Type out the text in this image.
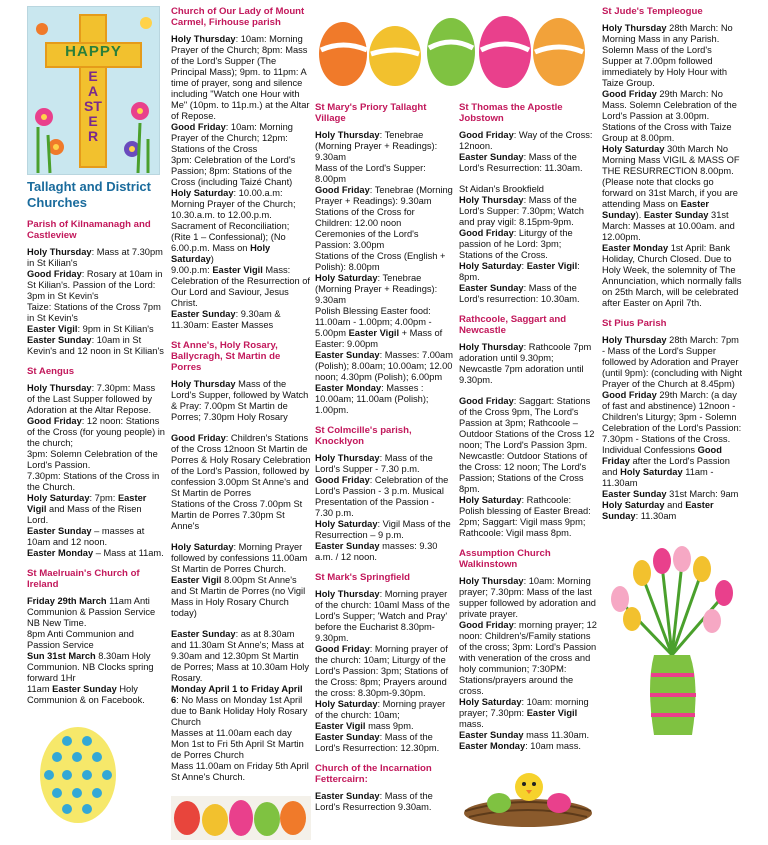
HAPPY
EASTER
Tallaght and District Churches
Parish of Kilnamanagh and Castleview
Holy Thursday: Mass at 7.30pm in St Kilian's
Good Friday: Rosary at 10am in St Kilian's. Passion of the Lord: 3pm in St Kevin's
Taize: Stations of the Cross 7pm in St Kevin's
Easter Vigil: 9pm in St Kilian's
Easter Sunday: 10am in St Kevin's and 12 noon in St Kilian's
St Aengus
Holy Thursday: 7.30pm: Mass of the Last Supper followed by Adoration at the Altar Repose.
Good Friday: 12 noon: Stations of the Cross (for young people) in the church;
3pm: Solemn Celebration of the Lord's Passion.
7.30pm: Stations of the Cross in the Church.
Holy Saturday: 7pm: Easter Vigil and Mass of the Risen Lord.
Easter Sunday – masses at 10am and 12 noon.
Easter Monday – Mass at 11am.
St Maelruain's Church of Ireland
Friday 29th March 11am Anti Communion & Passion Service NB New Time.
8pm Anti Communion and Passion Service
Sun 31st March 8.30am Holy Communion. NB Clocks spring forward 1Hr
11am Easter Sunday Holy Communion & on Facebook.
Church of Our Lady of Mount Carmel, Firhouse parish
Holy Thursday: 10am: Morning Prayer of the Church; 8pm: Mass of the Lord's Supper (The Principal Mass); 9pm. to 11pm: A time of prayer, song and silence including "Watch one Hour with Me" (10pm. to 11p.m.) at the Altar of Repose.
Good Friday: 10am: Morning Prayer of the Church; 12pm: Stations of the Cross
3pm: Celebration of the Lord's Passion; 8pm: Stations of the Cross (including Taizé Chant)
Holy Saturday: 10.00.a.m: Morning Prayer of the Church; 10.30.a.m. to 12.00.p.m. Sacrament of Reconciliation; (Rite 1 – Confessional); (No 6.00.p.m. Mass on Holy Saturday)
9.00.p.m: Easter Vigil Mass: Celebration of the Resurrection of Our Lord and Saviour, Jesus Christ.
Easter Sunday: 9.30am & 11.30am: Easter Masses
St Anne's, Holy Rosary, Ballycragh, St Martin de Porres
Holy Thursday Mass of the Lord's Supper, followed by Watch & Pray: 7.00pm St Martin de Porres; 7.30pm Holy Rosary
Good Friday: Children's Stations of the Cross 12noon St Martin de Porres & Holy Rosary Celebration of the Lord's Passion, followed by confession 3.00pm St Anne's and St Martin de Porres
Stations of the Cross 7.00pm St Martin de Porres 7.30pm St Anne's
Holy Saturday: Morning Prayer followed by confessions 11.00am St Martin de Porres Church. Easter Vigil 8.00pm St Anne's and St Martin de Porres (no Vigil Mass in Holy Rosary Church today)
Easter Sunday: as at 8.30am and 11.30am St Anne's; Mass at 9.30am and 12.30pm St Martin de Porres; Mass at 10.30am Holy Rosary.
Monday April 1 to Friday April 6: No Mass on Monday 1st April due to Bank Holiday Holy Rosary Church
Masses at 11.00am each day Mon 1st to Fri 5th April St Martin de Porres Church
Mass 11.00am on Friday 5th April St Anne's Church.
St Mary's Priory Tallaght Village
Holy Thursday: Tenebrae (Morning Prayer + Readings): 9.30am
Mass of the Lord's Supper: 8.00pm
Good Friday: Tenebrae (Morning Prayer + Readings): 9.30am
Stations of the Cross for Children: 12.00 noon
Ceremonies of the Lord's Passion: 3.00pm
Stations of the Cross (English + Polish): 8.00pm
Holy Saturday: Tenebrae (Morning Prayer + Readings): 9.30am
Polish Blessing Easter food: 11.00am - 1.00pm; 4.00pm - 5.00pm Easter Vigil + Mass of Easter: 9.00pm
Easter Sunday: Masses: 7.00am (Polish); 8.00am; 10.00am; 12.00 noon; 4.30pm (Polish); 6.00pm
Easter Monday: Masses : 10.00am; 11.00am (Polish); 1.00pm.
St Colmcille's parish, Knocklyon
Holy Thursday: Mass of the Lord's Supper - 7.30 p.m.
Good Friday: Celebration of the Lord's Passion - 3 p.m. Musical Presentation of the Passion - 7.30 p.m.
Holy Saturday: Vigil Mass of the Resurrection – 9 p.m.
Easter Sunday masses: 9.30 a.m. / 12 noon.
St Mark's Springfield
Holy Thursday: Morning prayer of the church: 10aml Mass of the Lord's Supper; 'Watch and Pray' before the Eucharist 8.30pm-9.30pm.
Good Friday: Morning prayer of the church: 10am; Liturgy of the Lord's Passion: 3pm; Stations of the Cross: 8pm; Prayers around the cross: 8.30pm-9.30pm.
Holy Saturday: Morning prayer of the church: 10am;
Easter Vigil mass 9pm.
Easter Sunday: Mass of the Lord's Resurrection: 12.30pm.
Church of the Incarnation Fettercairn:
Easter Sunday: Mass of the Lord's Resurrection 9.30am.
St Thomas the Apostle Jobstown
Good Friday: Way of the Cross: 12noon.
Easter Sunday: Mass of the Lord's Resurrection: 11.30am.
St Aidan's Brookfield
Holy Thursday: Mass of the Lord's Supper: 7.30pm; Watch and pray vigil: 8.15pm-9pm.
Good Friday: Liturgy of the passion of he Lord: 3pm; Stations of the Cross.
Holy Saturday: Easter Vigil: 8pm.
Easter Sunday: Mass of the Lord's resurrection: 10.30am.
Rathcoole, Saggart and Newcastle
Holy Thursday: Rathcoole 7pm adoration until 9.30pm; Newcastle 7pm adoration until 9.30pm.
Good Friday: Saggart: Stations of the Cross 9pm, The Lord's Passion at 3pm; Rathcoole – Outdoor Stations of the Cross 12 noon; The Lord's Passion 3pm. Newcastle: Outdoor Stations of the Cross: 12 noon; The Lord's Passion; Stations of the Cross 8pm.
Holy Saturday: Rathcoole: Polish blessing of Easter Bread: 2pm; Saggart: Vigil mass 9pm; Rathcoole: Vigil mass 8pm.
Assumption Church Walkinstown
Holy Thursday: 10am: Morning prayer; 7.30pm: Mass of the last supper followed by adoration and private prayer.
Good Friday: morning prayer; 12 noon: Children's/Family stations of the cross; 3pm: Lord's Passion with veneration of the cross and holy communion; 7:30PM: Stations/prayers around the cross.
Holy Saturday: 10am: morning prayer; 7.30pm: Easter Vigil mass.
Easter Sunday mass 11.30am.
Easter Monday: 10am mass.
St Jude's Templeogue
Holy Thursday 28th March: No Morning Mass in any Parish. Solemn Mass of the Lord's Supper at 7.00pm followed immediately by Holy Hour with Taize Group.
Good Friday 29th March: No Mass. Solemn Celebration of the Lord's Passion at 3.00pm. Stations of the Cross with Taize Group at 8.00pm.
Holy Saturday 30th March No Morning Mass VIGIL & MASS OF THE RESURRECTION 8.00pm. (Please note that clocks go forward on 31st March, if you are attending Mass on Easter Sunday). Easter Sunday 31st March: Masses at 10.00am. and 12.00pm.
Easter Monday 1st April: Bank Holiday, Church Closed. Due to Holy Week, the solemnity of The Annunciation, which normally falls on 25th March, will be celebrated after Easter on April 7th.
St Pius Parish
Holy Thursday 28th March: 7pm - Mass of the Lord's Supper followed by Adoration and Prayer (until 9pm): (concluding with Night Prayer of the Church at 8.45pm)
Good Friday 29th March: (a day of fast and abstinence) 12noon - Children's Liturgy; 3pm - Solemn Celebration of the Lord's Passion: 7.30pm - Stations of the Cross. Individual Confessions Good Friday after the Lord's Passion and Holy Saturday 11am - 11.30am
Easter Sunday 31st March: 9am Holy Saturday and Easter Sunday: 11.30am
